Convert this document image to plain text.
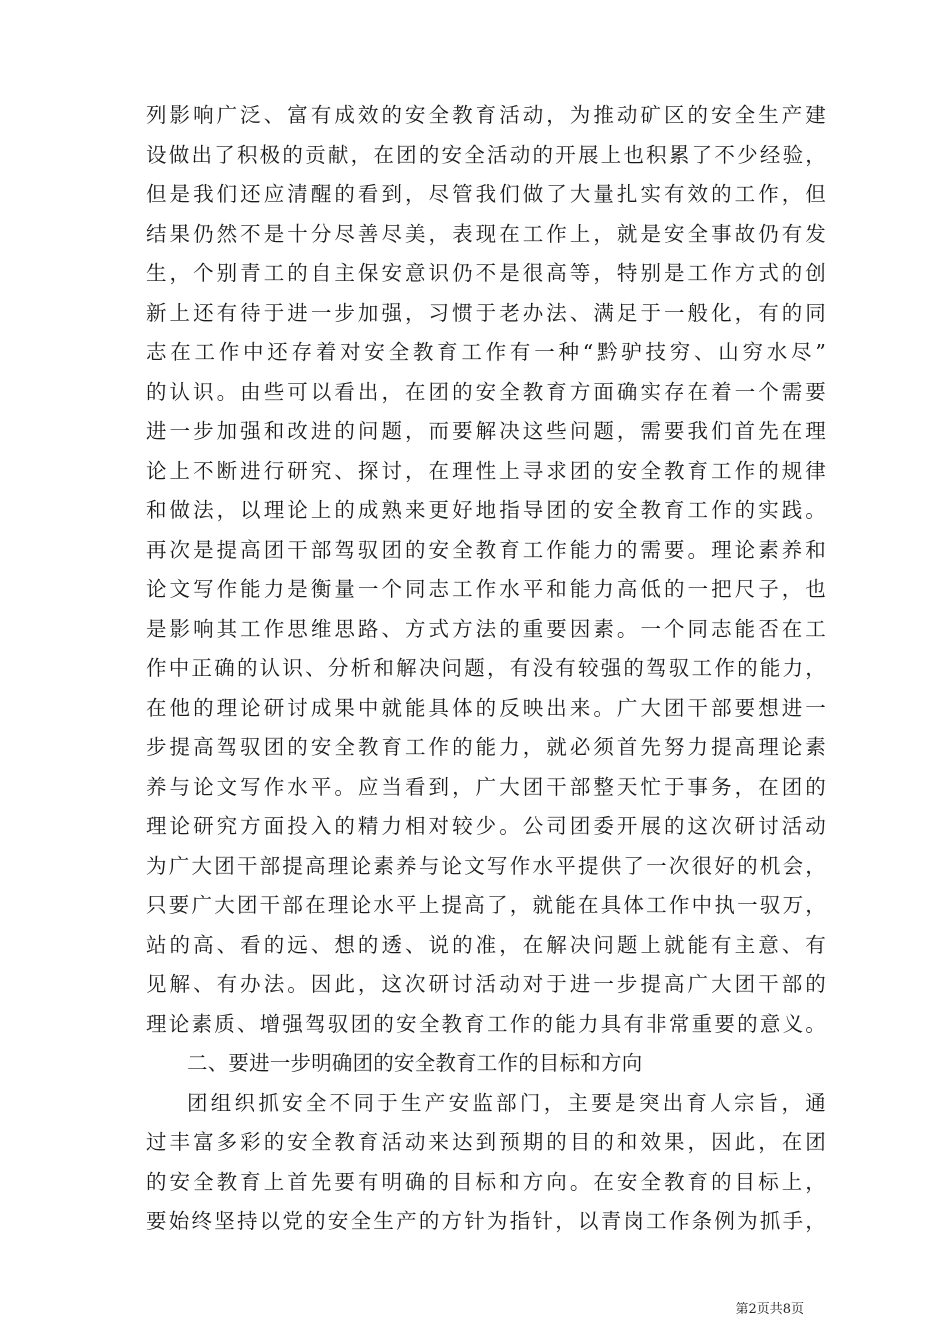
列影响广泛、富有成效的安全教育活动，为推动矿区的安全生产建
设做出了积极的贡献，在团的安全活动的开展上也积累了不少经验，
但是我们还应清醒的看到，尽管我们做了大量扎实有效的工作，但
结果仍然不是十分尽善尽美，表现在工作上，就是安全事故仍有发
生，个别青工的自主保安意识仍不是很高等，特别是工作方式的创
新上还有待于进一步加强，习惯于老办法、满足于一般化，有的同
志在工作中还存着对安全教育工作有一种“黔驴技穷、山穷水尽”
的认识。由些可以看出，在团的安全教育方面确实存在着一个需要
进一步加强和改进的问题，而要解决这些问题，需要我们首先在理
论上不断进行研究、探讨，在理性上寻求团的安全教育工作的规律
和做法，以理论上的成熟来更好地指导团的安全教育工作的实践。
再次是提高团干部驾驭团的安全教育工作能力的需要。理论素养和
论文写作能力是衡量一个同志工作水平和能力高低的一把尺子，也
是影响其工作思维思路、方式方法的重要因素。一个同志能否在工
作中正确的认识、分析和解决问题，有没有较强的驾驭工作的能力，
在他的理论研讨成果中就能具体的反映出来。广大团干部要想进一
步提高驾驭团的安全教育工作的能力，就必须首先努力提高理论素
养与论文写作水平。应当看到，广大团干部整天忙于事务，在团的
理论研究方面投入的精力相对较少。公司团委开展的这次研讨活动
为广大团干部提高理论素养与论文写作水平提供了一次很好的机会，
只要广大团干部在理论水平上提高了，就能在具体工作中执一驭万，
站的高、看的远、想的透、说的准，在解决问题上就能有主意、有
见解、有办法。因此，这次研讨活动对于进一步提高广大团干部的
理论素质、增强驾驭团的安全教育工作的能力具有非常重要的意义。
二、要进一步明确团的安全教育工作的目标和方向
团组织抓安全不同于生产安监部门，主要是突出育人宗旨，通
过丰富多彩的安全教育活动来达到预期的目的和效果，因此，在团
的安全教育上首先要有明确的目标和方向。在安全教育的目标上，
要始终坚持以党的安全生产的方针为指针，以青岗工作条例为抓手，
第2页共8页
